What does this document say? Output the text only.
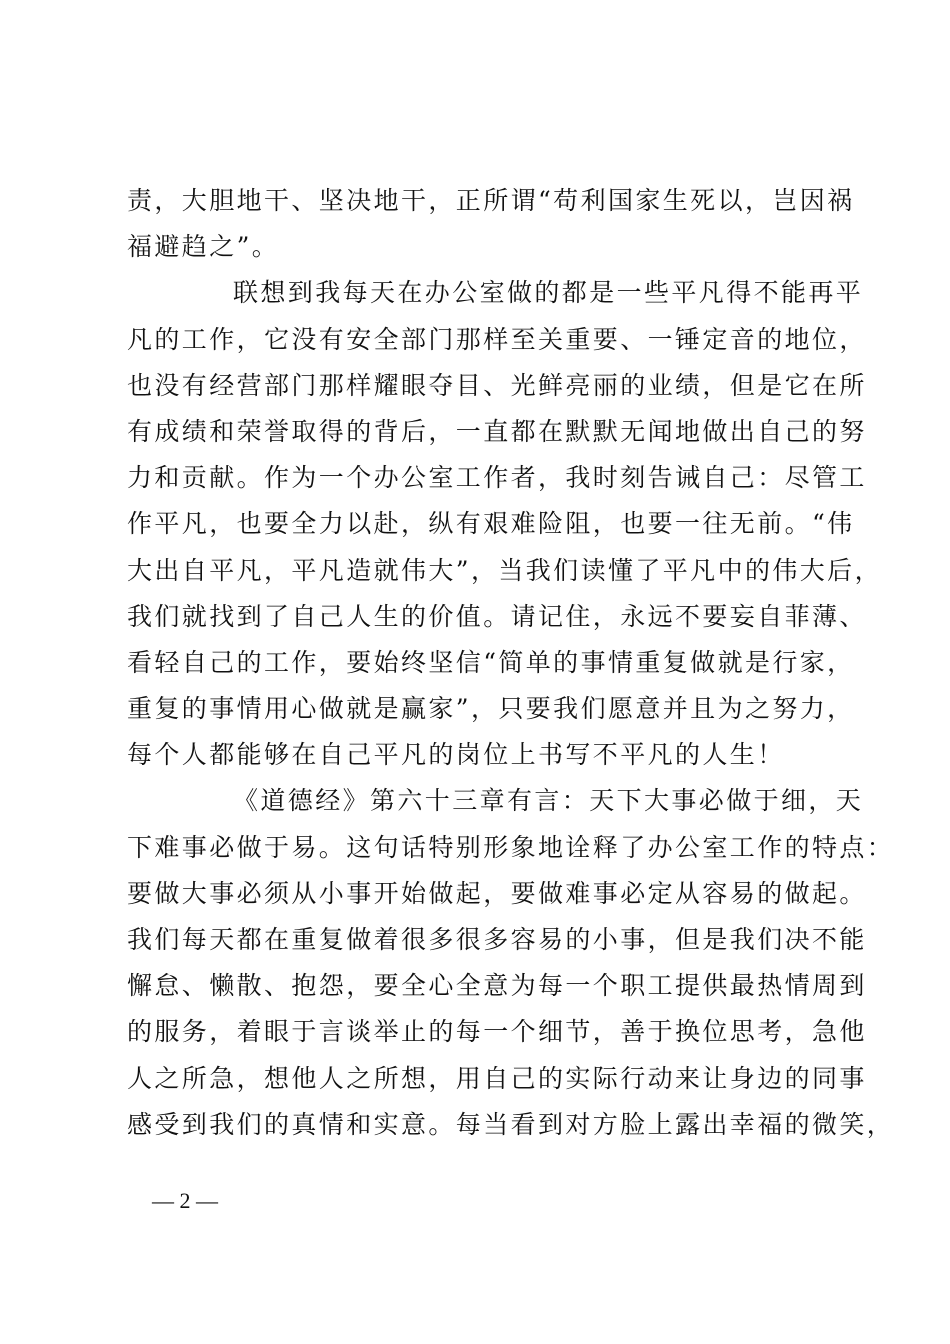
责，大胆地干、坚决地干，正所谓“苟利国家生死以，岂因祸
福避趋之”。
联想到我每天在办公室做的都是一些平凡得不能再平
凡的工作，它没有安全部门那样至关重要、一锤定音的地位，
也没有经营部门那样耀眼夺目、光鲜亮丽的业绩，但是它在所
有成绩和荣誉取得的背后，一直都在默默无闻地做出自己的努
力和贡献。作为一个办公室工作者，我时刻告诫自己：尽管工
作平凡，也要全力以赴，纵有艰难险阻，也要一往无前。“伟
大出自平凡，平凡造就伟大”，当我们读懂了平凡中的伟大后，
我们就找到了自己人生的价值。请记住，永远不要妄自菲薄、
看轻自己的工作，要始终坚信“简单的事情重复做就是行家，
重复的事情用心做就是赢家”，只要我们愿意并且为之努力，
每个人都能够在自己平凡的岗位上书写不平凡的人生！
《道德经》第六十三章有言：天下大事必做于细，天
下难事必做于易。这句话特别形象地诠释了办公室工作的特点：
要做大事必须从小事开始做起，要做难事必定从容易的做起。
我们每天都在重复做着很多很多容易的小事，但是我们决不能
懈怠、懒散、抱怨，要全心全意为每一个职工提供最热情周到
的服务，着眼于言谈举止的每一个细节，善于换位思考，急他
人之所急，想他人之所想，用自己的实际行动来让身边的同事
感受到我们的真情和实意。每当看到对方脸上露出幸福的微笑，
— 2 —
